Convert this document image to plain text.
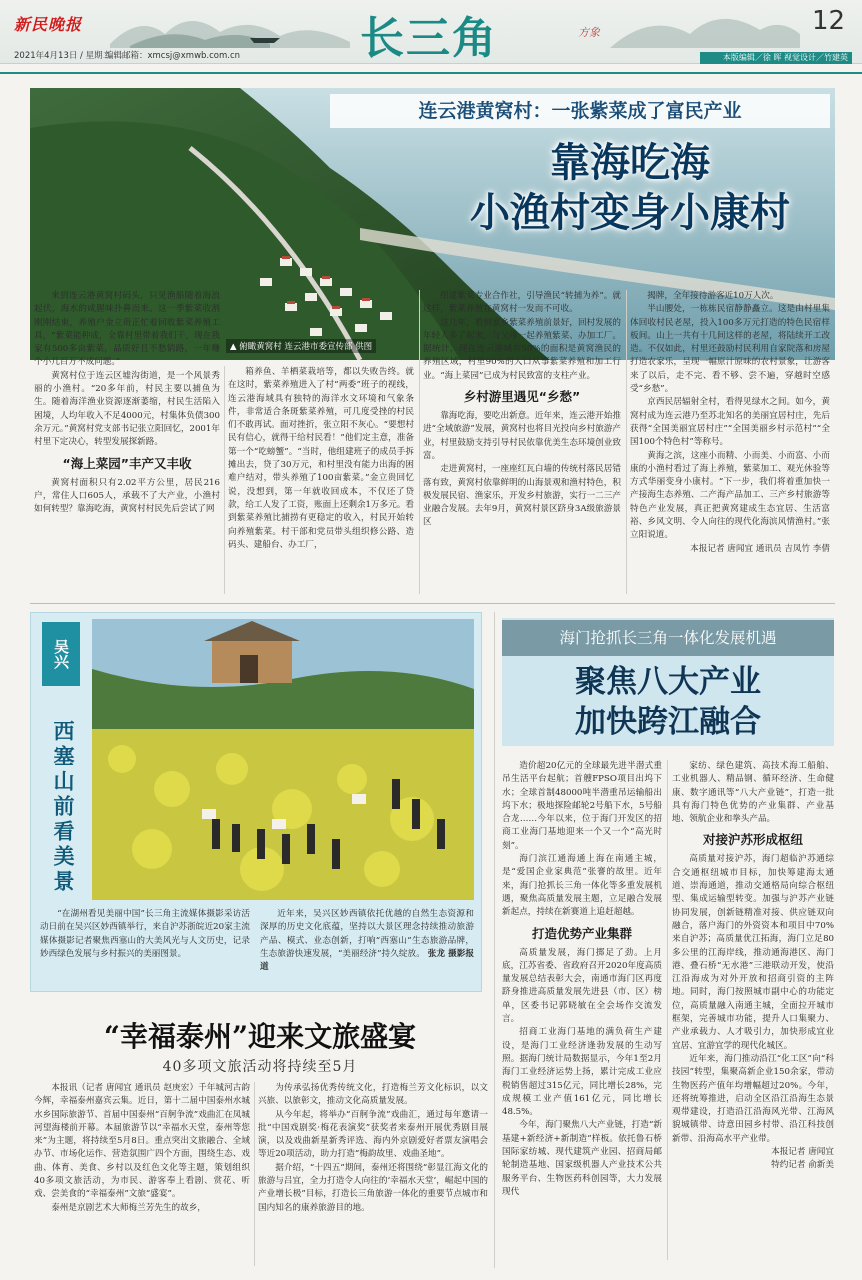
新民晚报
2021年4月13日 / 星期二
编辑邮箱：xmcsj@xmwb.com.cn	长三角	方象	12
本版编辑／徐 晖 视觉设计／竹建英
连云港黄窝村：一张紫菜成了富民产业
靠海吃海
小渔村变身小康村
▲ 俯瞰黄窝村 连云港市委宣传部 供图

来到连云港黄窝村码头，只见渔船随着海浪起伏，海水的咸腥味扑鼻而来。这一季紫菜收割刚刚结束，养殖户金立贵正忙着回收紫菜养殖工具，“紫菜能种成，全靠村里带着我们干，现在我家有500多亩紫菜，品质好且不愁销路，一年赚个小几百万不成问题。”

黄窝村位于连云区墟沟街道，是一个风景秀丽的小渔村。“20多年前，村民主要以捕鱼为生。随着海洋渔业资源逐渐萎缩，村民生活陷入困境，人均年收入不足4000元，村集体负债300余万元。”黄窝村党支部书记张立阳回忆，2001年村里下定决心，转型发展探新路。

“海上菜园”丰产又丰收

黄窝村面积只有2.02平方公里，居民216户，常住人口605人，承载不了大产业，小渔村如何转型？靠海吃海，黄窝村村民先后尝试了网

箱养鱼、羊栖菜栽培等，都以失败告终。就在这时，紫菜养殖进入了村“两委”班子的视线，连云港海域具有独特的海洋水文环境和气象条件，非常适合条斑紫菜养殖，可几度受挫的村民们不敢再试。面对挫折，张立阳不灰心。“要想村民有信心，就得干给村民看！”他们定主意，准备第一个“吃螃蟹”。“当时，他组建班子的成员手拆摊出去，贷了30万元，和村里没有能力出海的困难户结对，带头养殖了100亩紫菜。”金立贵回忆说，没想到，第一年就收回成本，不仅还了贷款，给工人发了工资，账面上还剩余1万多元。看到紫菜养殖比捕捞有更稳定的收入，村民开始转向养殖紫菜。村干部和党员带头组织修公路、造码头、建船台、办工厂，

组建紫菜专业合作社，引导渔民“转捕为养”。就这样，紫菜养殖在黄窝村一发而不可收。

这几年，看到家乡紫菜养殖前景好，回村发展的年轻人多了起来，与父母一起养殖紫菜、办加工厂。据统计，现在连云港域有50%的面积是黄窝渔民的养殖区域，村里90%的人口从事紫菜养殖和加工行业。“海上菜园”已成为村民致富的支柱产业。

乡村游里遇见“乡愁”

靠海吃海，要吃出新意。近年来，连云港开始推进“全域旅游”发展，黄窝村也将目光投向乡村旅游产业，村里鼓励支持引导村民依靠优美生态环境创业致富。

走进黄窝村，一座座红瓦白墙的传统村落民居错落有致，黄窝村依靠鲜明的山海景观和渔村特色，积极发展民宿、渔家乐，开发乡村旅游，实行一二三产业融合发展。去年9月，黄窝村景区跻身3A级旅游景区

揭牌，全年接待游客近10万人次。

半山腰处，一栋栋民宿静静矗立。这是由村里集体回收村民老屋，投入100多万元打造的特色民宿样板间。山上一共有十几间这样的老屋，将陆续开工改造。不仅如此，村里还鼓励村民利用自家院落和房屋打造农家乐，呈现一幅原汁原味的农村景象，让游客来了以后，走不完、看不够、尝不遍，穿越时空感受“乡愁”。

京西民居辐射全村，看得见绿水之间。如今，黄窝村成为连云港乃至苏北知名的美丽宜居村庄，先后获得“全国美丽宜居村庄”“全国美丽乡村示范村”“全国100个特色村”等称号。

黄海之滨，这座小而精、小而美、小而富、小而康的小渔村看过了海上养殖，紫菜加工、观光休验等方式华丽变身小康村。“下一步，我们将着重加快一产接海生态养殖、二产海产品加工、三产乡村旅游等特色产业发展，真正把黄窝建成生态宜居、生活富裕、乡风文明、令人向往的现代化海滨风情渔村。”张立阳说道。

本报记者 唐闻宜 通讯员 吉凤竹 李倩
吴兴
西塞山前看美景

“在湖州看见美丽中国”长三角主流媒体摄影采访活动日前在吴兴区妙西镇举行，来自沪苏浙皖近20家主流媒体摄影记者聚焦西塞山的大美风光与人文历史，记录妙西绿色发展与乡村振兴的美丽图景。

近年来，吴兴区妙西镇依托优越的自然生态资源和深厚的历史文化底蕴，坚持以大景区理念持续推动旅游产品、模式、业态创新，打响“西塞山”生态旅游品牌，生态旅游快速发展，“美丽经济”持久绽放。 张龙 摄影报道

海门抢抓长三角一体化发展机遇
聚焦八大产业
加快跨江融合

造价超20亿元的全球最先进半潜式重吊生活平台起航；首艘FPSO项目出坞下水；全球首制48000吨半潜重吊运输船出坞下水；极地探险邮轮2号船下水，5号船合龙……今年以来，位于海门开发区的招商工业海门基地迎来一个又一个“高光时刻”。

海门滨江通海通上海在南通主城，是“爱国企业家典范”张謇的故里。近年来，海门抢抓长三角一体化等多重发展机遇，聚焦高质量发展主题，立足融合发展新起点，持续在新赛道上追赶超越。

打造优势产业集群

高质量发展，海门掷足了劲。上月底，江苏省委、省政府召开2020年度高质量发展总结表彰大会，南通市海门区再度跻身推进高质量发展先进县（市、区）榜单，区委书记郭晓敏在全会场作交流发言。

招商工业海门基地的满负荷生产建设，是海门工业经济逢勃发展的生动写照。据海门统计局数据显示，今年1至2月海门工业经济运势上扬，累计完成工业应税销售超过315亿元，同比增长28%，完成规模工业产值161亿元，同比增长48.5%。

今年，海门聚焦八大产业链，打造“新基建+新经济+新制造”样板。依托鲁石桥国际家纺城、现代建筑产业园、招商局邮轮制造基地、国家级机器人产业技术公共服务平台、生物医药科创园等，大力发展现代

家纺、绿色建筑、高技术海工船舶、工业机器人、精品钢、循环经济、生命健康、数字通讯等“八大产业链”，打造一批具有海门特色优势的产业集群、产业基地、领航企业和拳头产品。

对接沪苏形成枢纽

高质量对接沪苏，海门超临沪苏通综合交通枢纽城市目标，加快筹建海太通道、崇海通道，推动交通格局向综合枢纽型、集成运输型转变。加强与沪苏产业链协同发展，创新链精准对接、供应链双向融合，落户海门的外资资本和项目中70%来自沪苏；高质量优江拓海，海门立足80多公里的江海岸线，推动通海港区、海门港、叠石桥“无水港”三港联动开发，使沿江沿海成为对外开放和招商引资的主阵地。同时，海门按照城市副中心的功能定位，高质量融入南通主城，全面拉开城市框架，完善城市功能，提升人口集聚力、产业承载力、人才吸引力，加快形成宜业宜居、宜游宜学的现代化城区。

近年来，海门推动沿江“化工区”向“科技园”转型，集聚高新企业150余家，带动生物医药产值年均增幅超过20%。今年，还将统筹推进，启动全区沿江沿海生态景观带建设，打造沿江沿海风光带、江海风貌城镇带、诗意田园乡村带、沿江科技创新带、沿海高水平产业带。

本报记者 唐闻宜
特约记者 俞新美
“幸福泰州”迎来文旅盛宴
40多项文旅活动将持续至5月

本报讯（记者 唐闻宜 通讯员 赵庚宏）千年城河古韵今辉，幸福泰州嘉宾云集。近日，第十二届中国泰州水城水乡国际旅游节、首届中国泰州“百舸争流”戏曲汇在凤城河望海楼前开幕。本届旅游节以“幸福水天堂，泰州等您来”为主题，将持续至5月8日。重点突出文旅融合、全域办节、市场化运作、营造氛围广四个方面，围绕生态、戏曲、体育、美食、乡村以及红色文化等主题，策划组织40多项文旅活动，为市民、游客奉上看剧、赏花、听戏、尝美食的“幸福泰州”文旅“盛宴”。

泰州是京剧艺术大师梅兰芳先生的故乡，

为传承弘扬优秀传统文化，打造梅兰芳文化标识，以文兴旅、以旅彰文，推动文化高质量发展。

从今年起，将举办“百舸争流”戏曲汇，通过每年邀请一批“中国戏剧奖·梅花表演奖”获奖者来泰州开展优秀剧目展演，以及戏曲新星新秀评选、海内外京剧爱好者票友演唱会等近20项活动，助力打造“梅韵故里、戏曲圣地”。

据介绍，“十四五”期间，泰州还将围绕“彰显江海文化的旅游与吕宜，全力打造令人向往的‘幸福水天堂’，崛起中国的产业增长极”目标，打造长三角旅游一体化的重要节点城市和国内知名的康养旅游目的地。
